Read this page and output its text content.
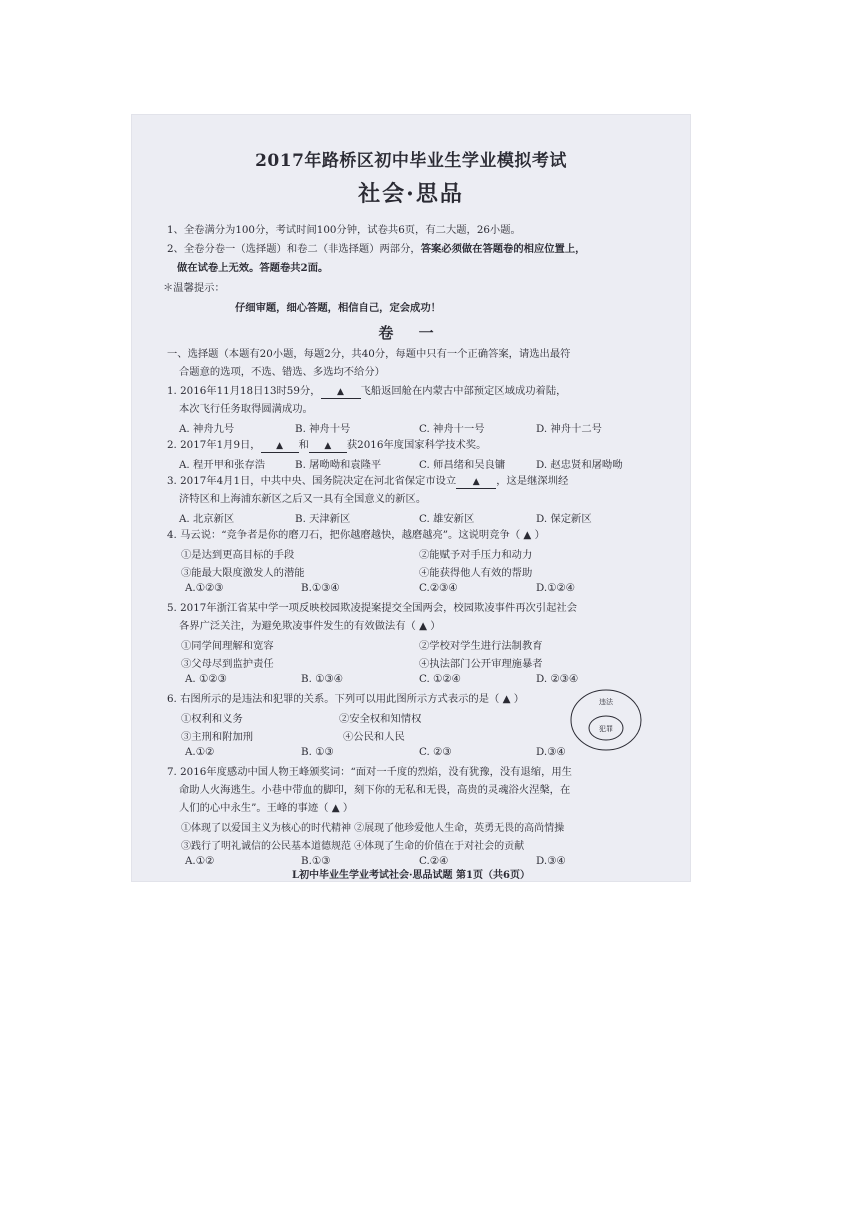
2017年路桥区初中毕业生学业模拟考试
社会·思品
1、全卷满分为100分，考试时间100分钟，试卷共6页，有二大题，26小题。
2、全卷分卷一（选择题）和卷二（非选择题）两部分，答案必须做在答题卷的相应位置上，
做在试卷上无效。答题卷共2面。
＊温馨提示：
仔细审题，细心答题，相信自己，定会成功！
卷 一
一、选择题（本题有20小题，每题2分，共40分，每题中只有一个正确答案，请选出最符
合题意的选项，不选、错选、多选均不给分）
1. 2016年11月18日13时59分， ▲ 飞船返回舱在内蒙古中部预定区域成功着陆，
本次飞行任务取得圆满成功。
A. 神舟九号	B. 神舟十号	C. 神舟十一号	D. 神舟十二号
2. 2017年1月9日， ▲ 和 ▲ 获2016年度国家科学技术奖。
A. 程开甲和张存浩	B. 屠呦呦和袁隆平	C. 师昌绪和吴良镛	D. 赵忠贤和屠呦呦
3. 2017年4月1日，中共中央、国务院决定在河北省保定市设立 ▲ ，这是继深圳经
济特区和上海浦东新区之后又一具有全国意义的新区。
A. 北京新区	B. 天津新区	C. 雄安新区	D. 保定新区
4. 马云说：“竞争者是你的磨刀石，把你越磨越快，越磨越亮”。这说明竞争（ ▲ ）
①是达到更高目标的手段	②能赋予对手压力和动力
③能最大限度激发人的潜能	④能获得他人有效的帮助
A.①②③	B.①③④	C.②③④	D.①②④
5. 2017年浙江省某中学一项反映校园欺凌提案提交全国两会，校园欺凌事件再次引起社会
各界广泛关注，为避免欺凌事件发生的有效做法有（ ▲ ）
①同学间理解和宽容	②学校对学生进行法制教育
③父母尽到监护责任	④执法部门公开审理施暴者
A. ①②③	B. ①③④	C. ①②④	D. ②③④
6. 右图所示的是违法和犯罪的关系。下列可以用此图所示方式表示的是（ ▲ ）
①权利和义务	②安全权和知情权
③主刑和附加刑	④公民和人民
A.①②	B. ①③	C. ②③	D.③④
违法
犯罪
7. 2016年度感动中国人物王峰颁奖词：“面对一千度的烈焰，没有犹豫，没有退缩，用生
命助人火海逃生。小巷中带血的脚印，刻下你的无私和无畏，高贵的灵魂浴火涅槃，在
人们的心中永生”。王峰的事迹（ ▲ ）
①体现了以爱国主义为核心的时代精神 ②展现了他珍爱他人生命，英勇无畏的高尚情操
③践行了明礼诚信的公民基本道德规范 ④体现了生命的价值在于对社会的贡献
A.①②	B.①③	C.②④	D.③④
L初中毕业生学业考试社会·思品试题 第1页（共6页）
